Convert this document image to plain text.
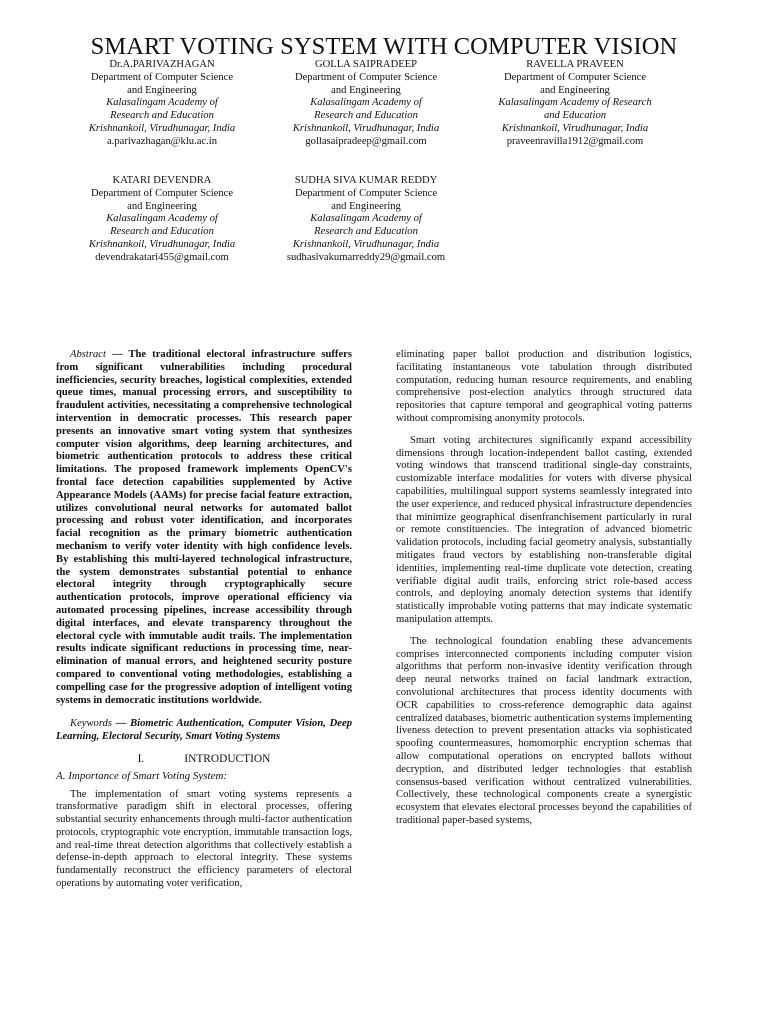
SMART VOTING SYSTEM WITH COMPUTER VISION
Dr.A.PARIVAZHAGAN
Department of Computer Science
and Engineering
Kalasalingam Academy of
Research and Education
Krishnankoil, Virudhunagar, India
a.parivazhagan@klu.ac.in
GOLLA SAIPRADEEP
Department of Computer Science
and Engineering
Kalasalingam Academy of
Research and Education
Krishnankoil, Virudhunagar, India
gollasaipradeep@gmail.com
RAVELLA PRAVEEN
Department of Computer Science
and Engineering
Kalasalingam Academy of Research
and Education
Krishnankoil, Virudhunagar, India
praveenravilla1912@gmail.com
KATARI DEVENDRA
Department of Computer Science
and Engineering
Kalasalingam Academy of
Research and Education
Krishnankoil, Virudhunagar, India
devendrakatari455@gmail.com
SUDHA SIVA KUMAR REDDY
Department of Computer Science
and Engineering
Kalasalingam Academy of
Research and Education
Krishnankoil, Virudhunagar, India
sudhasivakumarreddy29@gmail.com

Abstract — The traditional electoral infrastructure suffers from significant vulnerabilities including procedural inefficiencies, security breaches, logistical complexities, extended queue times, manual processing errors, and susceptibility to fraudulent activities, necessitating a comprehensive technological intervention in democratic processes. This research paper presents an innovative smart voting system that synthesizes computer vision algorithms, deep learning architectures, and biometric authentication protocols to address these critical limitations. The proposed framework implements OpenCV's frontal face detection capabilities supplemented by Active Appearance Models (AAMs) for precise facial feature extraction, utilizes convolutional neural networks for automated ballot processing and robust voter identification, and incorporates facial recognition as the primary biometric authentication mechanism to verify voter identity with high confidence levels. By establishing this multi-layered technological infrastructure, the system demonstrates substantial potential to enhance electoral integrity through cryptographically secure authentication protocols, improve operational efficiency via automated processing pipelines, increase accessibility through digital interfaces, and elevate transparency throughout the electoral cycle with immutable audit trails. The implementation results indicate significant reductions in processing time, near-elimination of manual errors, and heightened security posture compared to conventional voting methodologies, establishing a compelling case for the progressive adoption of intelligent voting systems in democratic institutions worldwide.

Keywords — Biometric Authentication, Computer Vision, Deep Learning, Electoral Security, Smart Voting Systems

I.	INTRODUCTION

A. Importance of Smart Voting System:

The implementation of smart voting systems represents a transformative paradigm shift in electoral processes, offering substantial security enhancements through multi-factor authentication protocols, cryptographic vote encryption, immutable transaction logs, and real-time threat detection algorithms that collectively establish a defense-in-depth approach to electoral integrity. These systems fundamentally reconstruct the efficiency parameters of electoral operations by automating voter verification,

eliminating paper ballot production and distribution logistics, facilitating instantaneous vote tabulation through distributed computation, reducing human resource requirements, and enabling comprehensive post-election analytics through structured data repositories that capture temporal and geographical voting patterns without compromising anonymity protocols.

Smart voting architectures significantly expand accessibility dimensions through location-independent ballot casting, extended voting windows that transcend traditional single-day constraints, customizable interface modalities for voters with diverse physical capabilities, multilingual support systems seamlessly integrated into the user experience, and reduced physical infrastructure dependencies that minimize geographical disenfranchisement particularly in rural or remote constituencies. The integration of advanced biometric validation protocols, including facial geometry analysis, substantially mitigates fraud vectors by establishing non-transferable digital identities, implementing real-time duplicate vote detection, creating verifiable digital audit trails, enforcing strict role-based access controls, and deploying anomaly detection systems that identify statistically improbable voting patterns that may indicate systematic manipulation attempts.

The technological foundation enabling these advancements comprises interconnected components including computer vision algorithms that perform non-invasive identity verification through deep neural networks trained on facial landmark extraction, convolutional architectures that process identity documents with OCR capabilities to cross-reference demographic data against centralized databases, biometric authentication systems implementing liveness detection to prevent presentation attacks via sophisticated spoofing countermeasures, homomorphic encryption schemas that allow computational operations on encrypted ballots without decryption, and distributed ledger technologies that establish consensus-based verification without centralized vulnerabilities. Collectively, these technological components create a synergistic ecosystem that elevates electoral processes beyond the capabilities of traditional paper-based systems,
